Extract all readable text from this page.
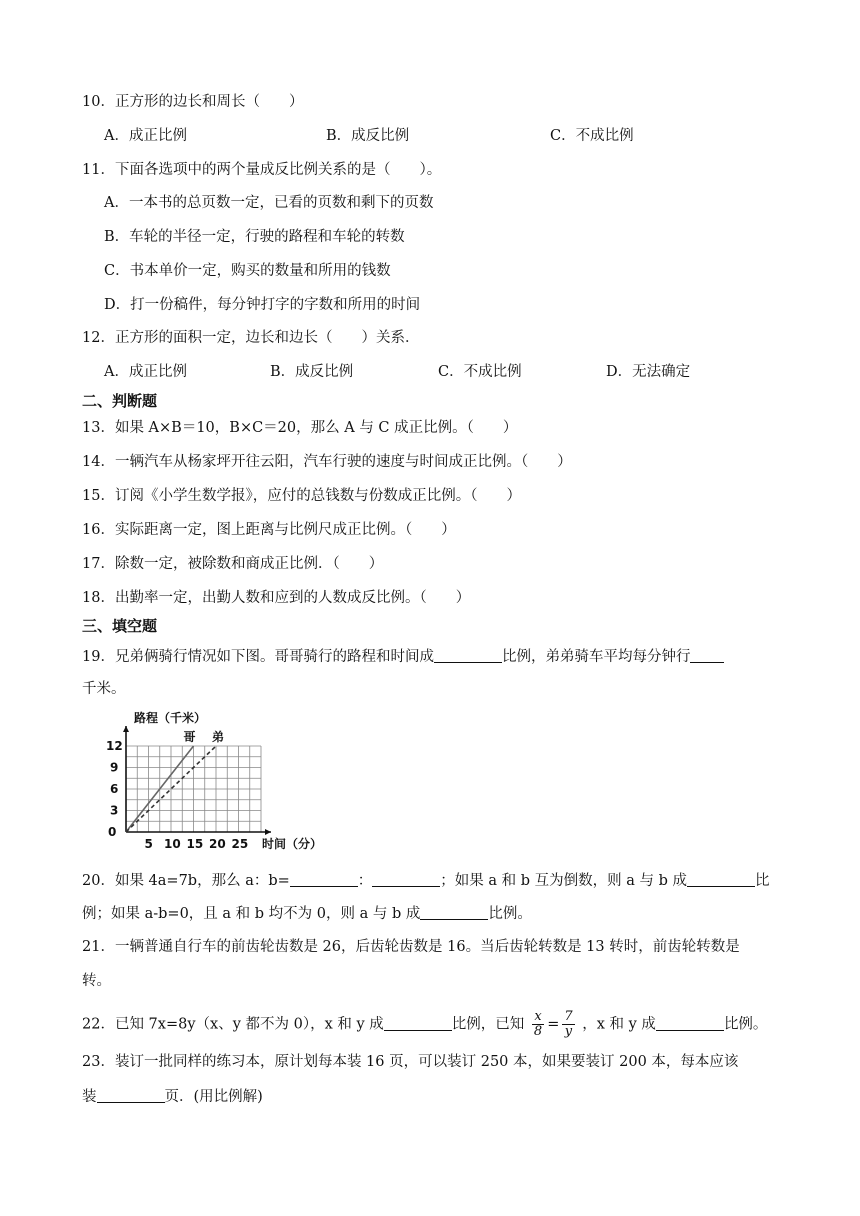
10．正方形的边长和周长（　　）
A．成正比例	B．成反比例	C．不成比例
11．下面各选项中的两个量成反比例关系的是（　　）。
A．一本书的总页数一定，已看的页数和剩下的页数
B．车轮的半径一定，行驶的路程和车轮的转数
C．书本单价一定，购买的数量和所用的钱数
D．打一份稿件，每分钟打字的字数和所用的时间
12．正方形的面积一定，边长和边长（　　）关系．
A．成正比例	B．成反比例	C．不成比例	D．无法确定
二、判断题
13．如果 A×B＝10，B×C＝20，那么 A 与 C 成正比例。（　　）
14．一辆汽车从杨家坪开往云阳，汽车行驶的速度与时间成正比例。（　　）
15．订阅《小学生数学报》，应付的总钱数与份数成正比例。（　　）
16．实际距离一定，图上距离与比例尺成正比例。（　　）
17．除数一定，被除数和商成正比例．（　　）
18．出勤率一定，出勤人数和应到的人数成反比例。（　　）
三、填空题
19．兄弟俩骑行情况如下图。哥哥骑行的路程和时间成	比例，弟弟骑车平均每分钟行
千米。
哥 弟
0
3
6
9
12
5 10 15 20 25
路程（千米）
时间（分）
20．如果 4a=7b，那么 a：b=	：	；如果 a 和 b 互为倒数，则 a 与 b 成	比
例；如果 a-b=0，且 a 和 b 均不为 0，则 a 与 b 成	比例。
21．一辆普通自行车的前齿轮齿数是 26，后齿轮齿数是 16。当后齿轮转数是 13 转时，前齿轮转数是
转。
22．已知 7x=8y（x、y 都不为 0），x 和 y 成	比例，已知 $\frac{x}{8} = \frac{7}{y}$ ，x 和 y 成	比例。
23．装订一批同样的练习本，原计划每本装 16 页，可以装订 250 本，如果要装订 200 本，每本应该
装	页．(用比例解)
